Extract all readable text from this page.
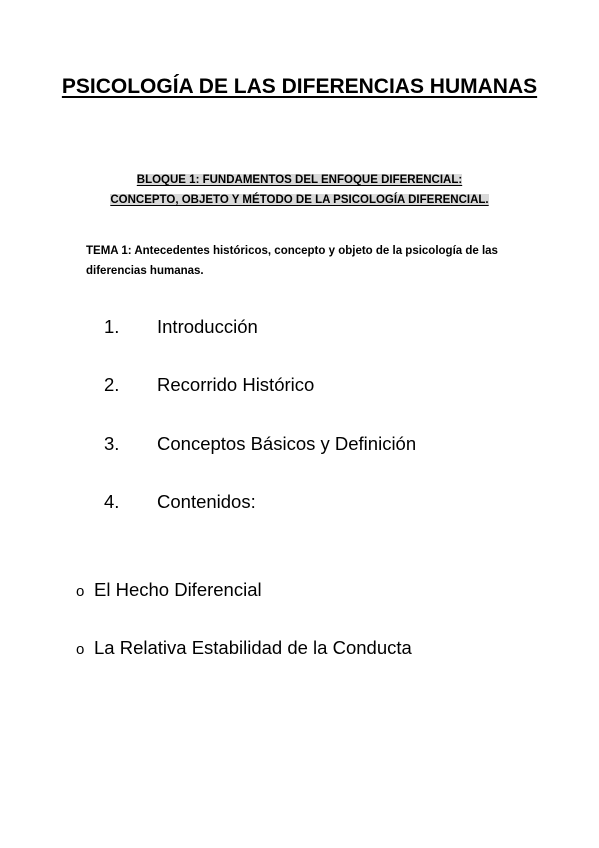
PSICOLOGÍA DE LAS DIFERENCIAS HUMANAS
BLOQUE 1: FUNDAMENTOS DEL ENFOQUE DIFERENCIAL:
CONCEPTO, OBJETO Y MÉTODO DE LA PSICOLOGÍA DIFERENCIAL.
TEMA 1: Antecedentes históricos, concepto y objeto de la psicología de las diferencias humanas.
1. Introducción
2. Recorrido Histórico
3. Conceptos Básicos y Definición
4. Contenidos:
o El Hecho Diferencial
o La Relativa Estabilidad de la Conducta
